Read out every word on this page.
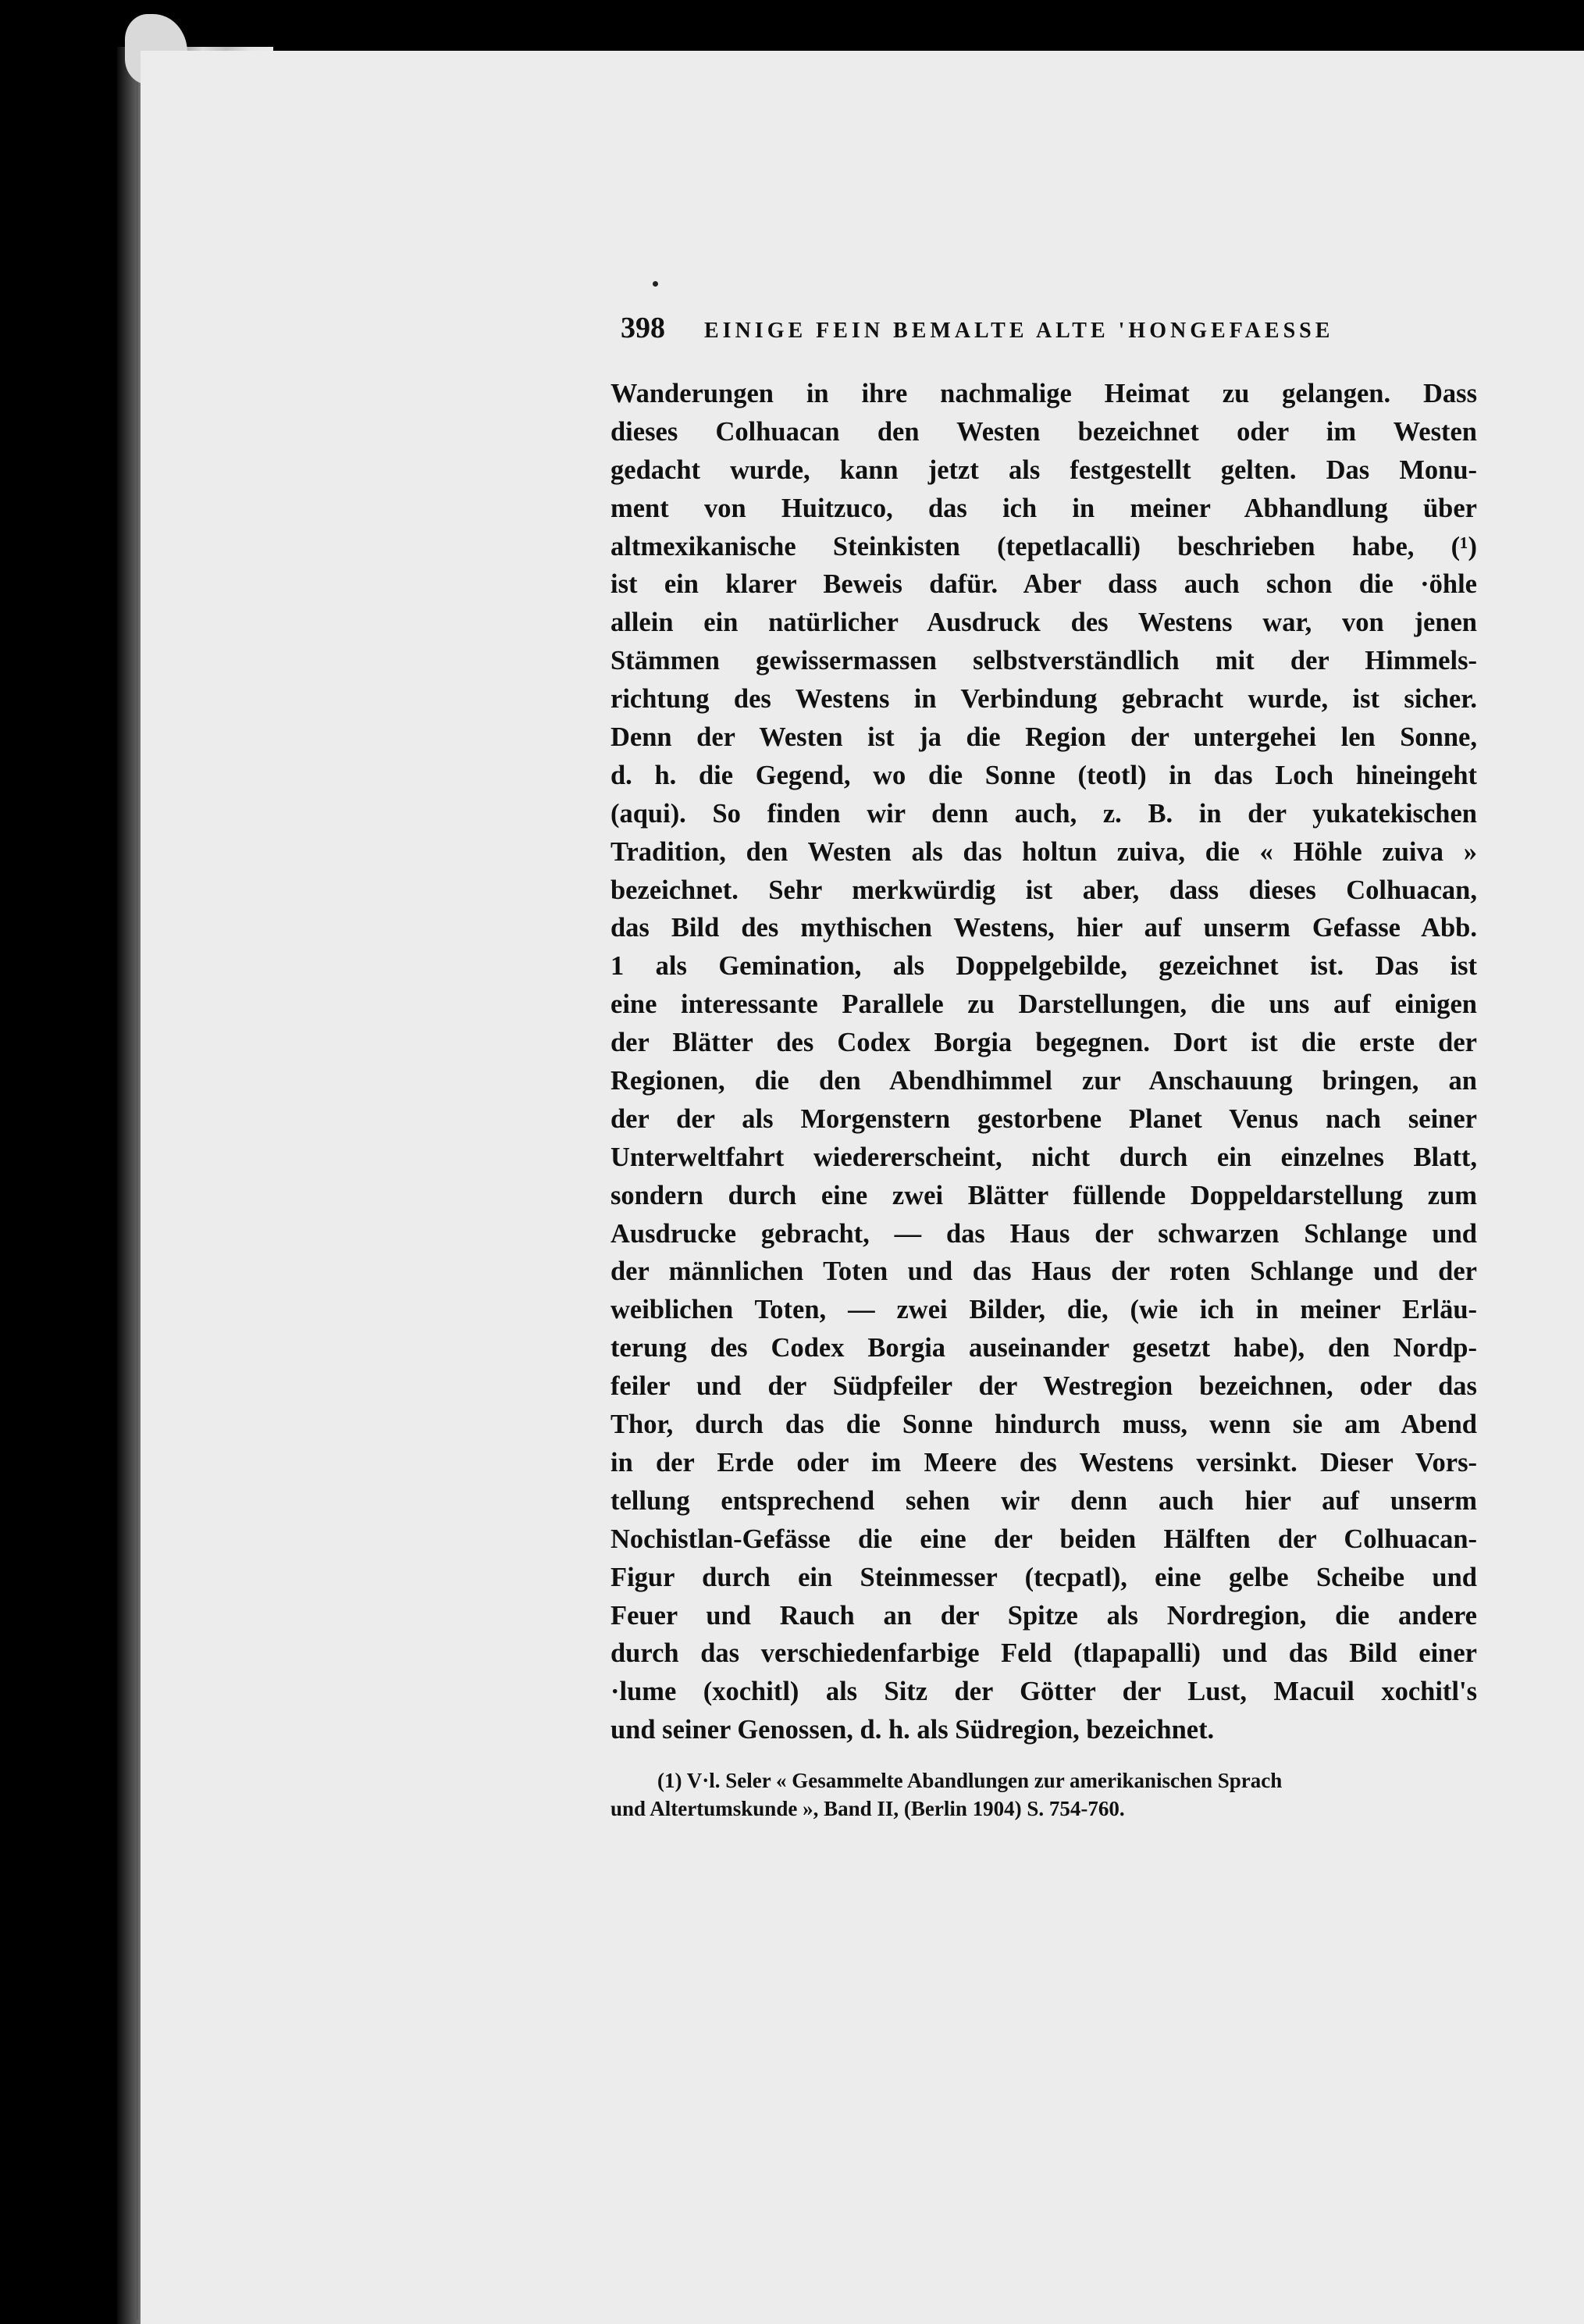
398 EINIGE FEIN BEMALTE ALTE 'HONGEFAESSE
Wanderungen in ihre nachmalige Heimat zu gelangen. Dass
dieses Colhuacan den Westen bezeichnet oder im Westen
gedacht wurde, kann jetzt als festgestellt gelten. Das Monu-
ment von Huitzuco, das ich in meiner Abhandlung über
altmexikanische Steinkisten (tepetlacalli) beschrieben habe, (¹)
ist ein klarer Beweis dafür. Aber dass auch schon die ·öhle
allein ein natürlicher Ausdruck des Westens war, von jenen
Stämmen gewissermassen selbstverständlich mit der Himmels-
richtung des Westens in Verbindung gebracht wurde, ist sicher.
Denn der Westen ist ja die Region der untergehei len Sonne,
d. h. die Gegend, wo die Sonne (teotl) in das Loch hineingeht
(aqui). So finden wir denn auch, z. B. in der yukatekischen
Tradition, den Westen als das holtun zuiva, die « Höhle zuiva »
bezeichnet. Sehr merkwürdig ist aber, dass dieses Colhuacan,
das Bild des mythischen Westens, hier auf unserm Gefasse Abb.
1 als Gemination, als Doppelgebilde, gezeichnet ist. Das ist
eine interessante Parallele zu Darstellungen, die uns auf einigen
der Blätter des Codex Borgia begegnen. Dort ist die erste der
Regionen, die den Abendhimmel zur Anschauung bringen, an
der der als Morgenstern gestorbene Planet Venus nach seiner
Unterweltfahrt wiedererscheint, nicht durch ein einzelnes Blatt,
sondern durch eine zwei Blätter füllende Doppeldarstellung zum
Ausdrucke gebracht, — das Haus der schwarzen Schlange und
der männlichen Toten und das Haus der roten Schlange und der
weiblichen Toten, — zwei Bilder, die, (wie ich in meiner Erläu-
terung des Codex Borgia auseinander gesetzt habe), den Nordp-
feiler und der Südpfeiler der Westregion bezeichnen, oder das
Thor, durch das die Sonne hindurch muss, wenn sie am Abend
in der Erde oder im Meere des Westens versinkt. Dieser Vors-
tellung entsprechend sehen wir denn auch hier auf unserm
Nochistlan-Gefässe die eine der beiden Hälften der Colhuacan-
Figur durch ein Steinmesser (tecpatl), eine gelbe Scheibe und
Feuer und Rauch an der Spitze als Nordregion, die andere
durch das verschiedenfarbige Feld (tlapapalli) und das Bild einer
·lume (xochitl) als Sitz der Götter der Lust, Macuil xochitl's
und seiner Genossen, d. h. als Südregion, bezeichnet.
(1) V·l. Seler « Gesammelte Abandlungen zur amerikanischen Sprach
und Altertumskunde », Band II, (Berlin 1904) S. 754-760.
